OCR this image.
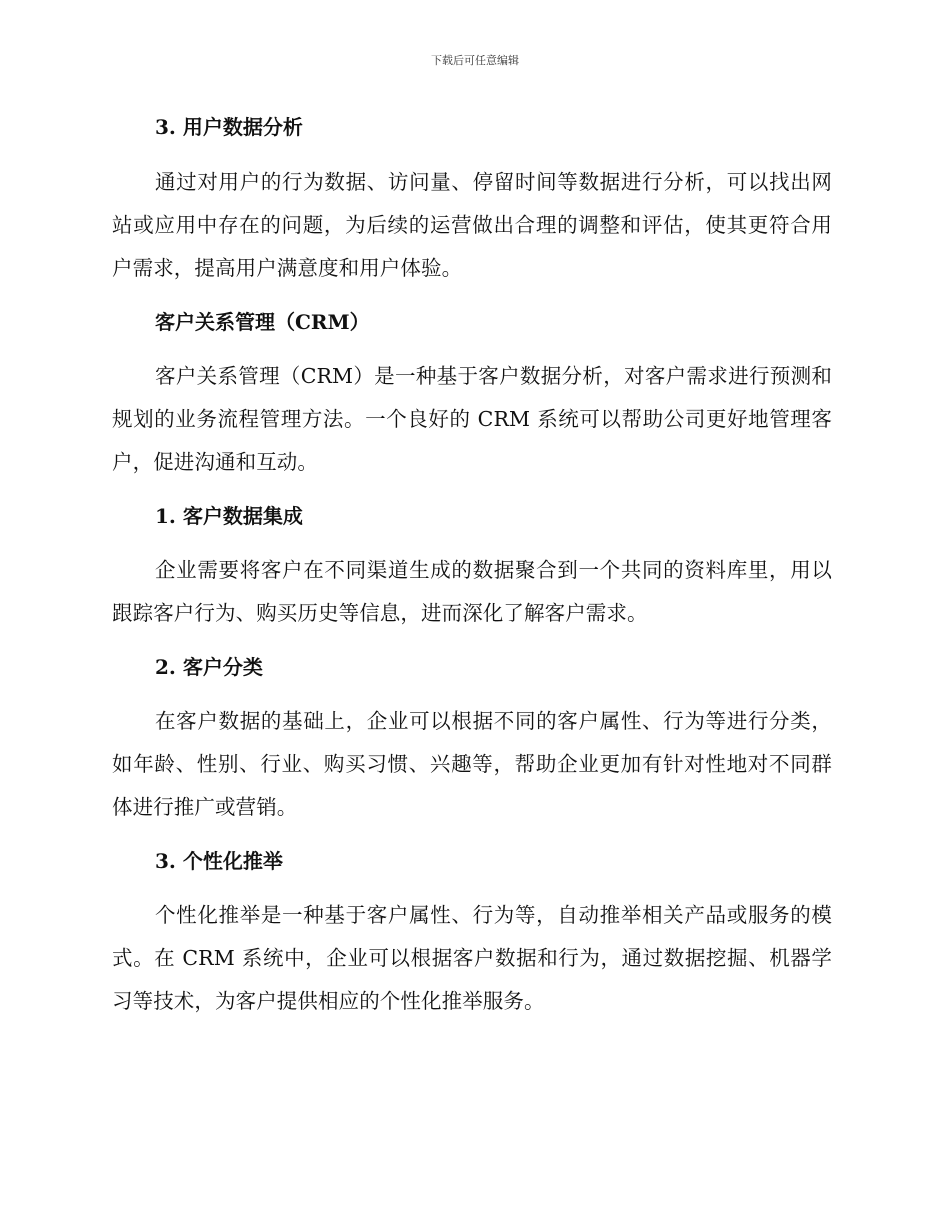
下载后可任意编辑
3. 用户数据分析
通过对用户的行为数据、访问量、停留时间等数据进行分析，可以找出网站或应用中存在的问题，为后续的运营做出合理的调整和评估，使其更符合用户需求，提高用户满意度和用户体验。
客户关系管理（CRM）
客户关系管理（CRM）是一种基于客户数据分析，对客户需求进行预测和规划的业务流程管理方法。一个良好的 CRM 系统可以帮助公司更好地管理客户，促进沟通和互动。
1. 客户数据集成
企业需要将客户在不同渠道生成的数据聚合到一个共同的资料库里，用以跟踪客户行为、购买历史等信息，进而深化了解客户需求。
2. 客户分类
在客户数据的基础上，企业可以根据不同的客户属性、行为等进行分类，如年龄、性别、行业、购买习惯、兴趣等，帮助企业更加有针对性地对不同群体进行推广或营销。
3. 个性化推举
个性化推举是一种基于客户属性、行为等，自动推举相关产品或服务的模式。在 CRM 系统中，企业可以根据客户数据和行为，通过数据挖掘、机器学习等技术，为客户提供相应的个性化推举服务。
